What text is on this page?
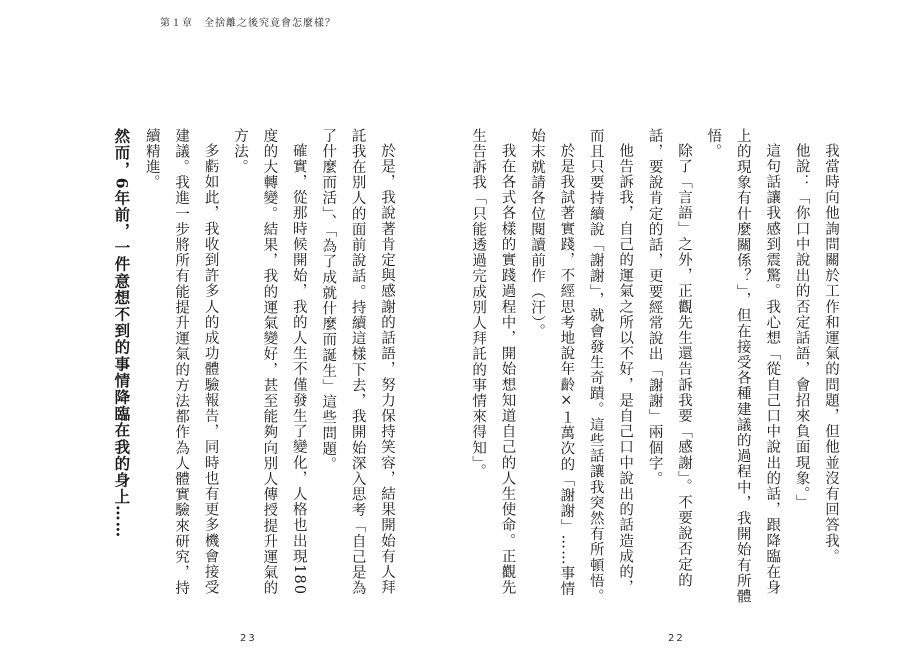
第１章　全捨離之後究竟會怎麼樣？

我當時向他詢問關於工作和運氣的問題，但他並沒有回答我。

他說：「你口中說出的否定話語，會招來負面現象。」

這句話讓我感到震驚。我心想「從自己口中說出的話，跟降臨在身上的現象有什麼關係？」，但在接受各種建議的過程中，我開始有所體悟。

除了「言語」之外，正觀先生還告訴我要「感謝」。不要說否定的話，要說肯定的話，更要經常說出「謝謝」兩個字。

他告訴我，自己的運氣之所以不好，是自己口中說出的話造成的，而且只要持續說「謝謝」，就會發生奇蹟。這些話讓我突然有所頓悟。

於是我試著實踐，不經思考地說年齡×１萬次的「謝謝」……事情始末就請各位閱讀前作（汗）。

我在各式各樣的實踐過程中，開始想知道自己的人生使命。正觀先生告訴我「只能透過完成別人拜託的事情來得知」。

於是，我說著肯定與感謝的話語，努力保持笑容，結果開始有人拜託我在別人的面前說話。持續這樣下去，我開始深入思考「自己是為了什麼而活」、「為了成就什麼而誕生」這些問題。

確實，從那時候開始，我的人生不僅發生了變化，人格也出現180度的大轉變。結果，我的運氣變好，甚至能夠向別人傳授提升運氣的方法。

多虧如此，我收到許多人的成功體驗報告，同時也有更多機會接受建議。我進一步將所有能提升運氣的方法都作為人體實驗來研究，持續精進。

然而，6年前，一件意想不到的事情降臨在我的身上……

23	22
